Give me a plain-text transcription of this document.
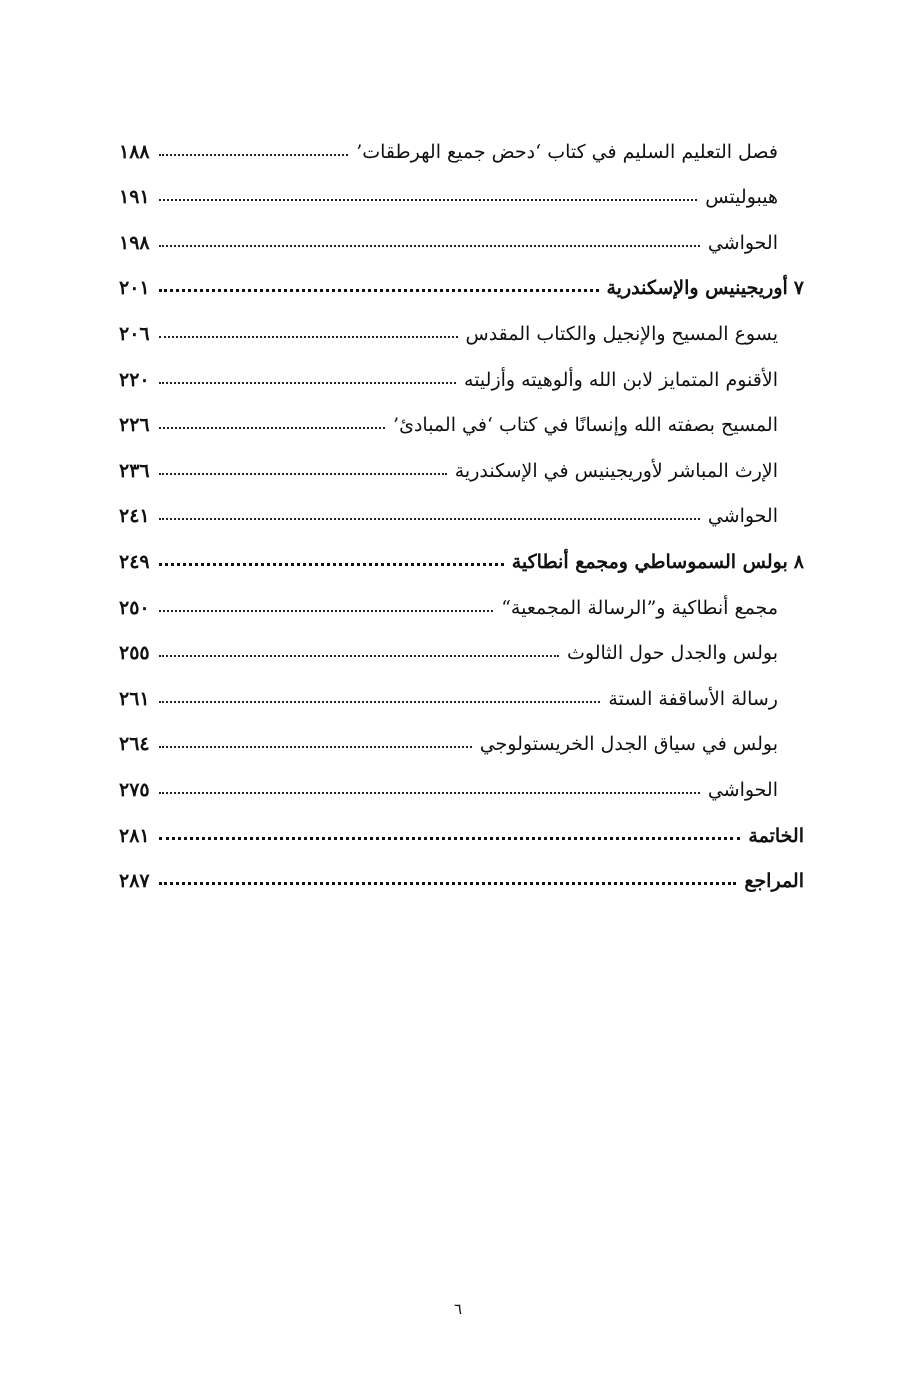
فصل التعليم السليم في كتاب ‘دحض جميع الهرطقات’
١٨٨
هيبوليتس
١٩١
الحواشي
١٩٨
٧أوريجينيس والإسكندرية
٢٠١
يسوع المسيح والإنجيل والكتاب المقدس
٢٠٦
الأقنوم المتمايز لابن الله وألوهيته وأزليته
٢٢٠
المسيح بصفته الله وإنسانًا في كتاب ‘في المبادئ’
٢٢٦
الإرث المباشر لأوريجينيس في الإسكندرية
٢٣٦
الحواشي
٢٤١
٨بولس السموساطي ومجمع أنطاكية
٢٤٩
مجمع أنطاكية و”الرسالة المجمعية“
٢٥٠
بولس والجدل حول الثالوث
٢٥٥
رسالة الأساقفة الستة
٢٦١
بولس في سياق الجدل الخريستولوجي
٢٦٤
الحواشي
٢٧٥
الخاتمة
٢٨١
المراجع
٢٨٧
٦
